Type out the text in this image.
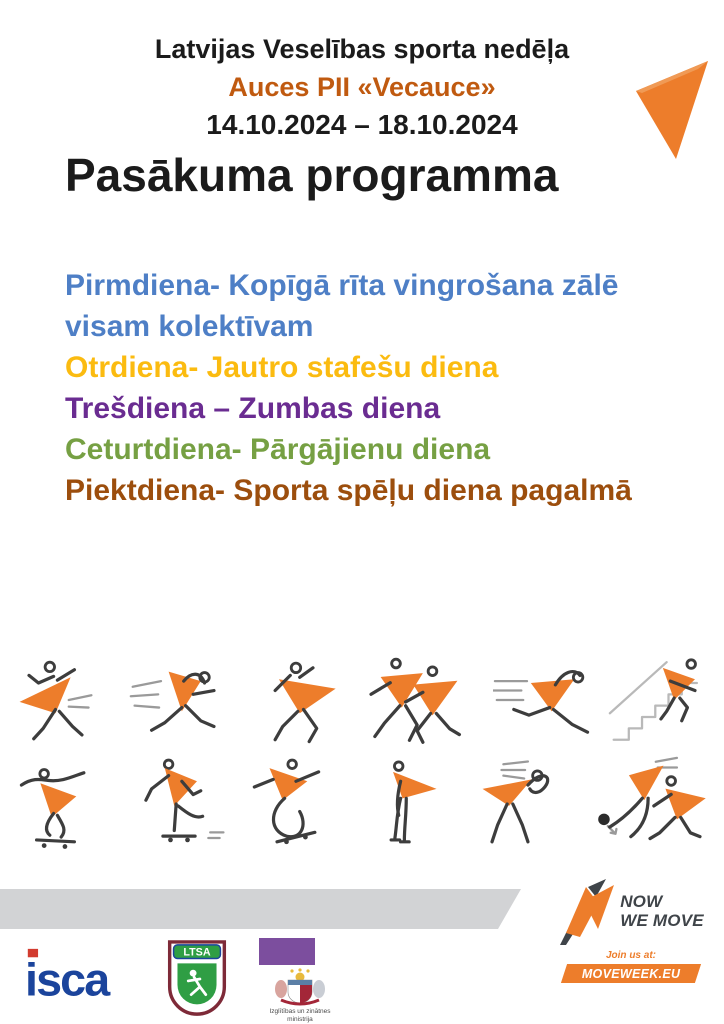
Latvijas Veselības sporta nedēļa

Auces PII «Vecauce»

14.10.2024 – 18.10.2024

Pasākuma programma

Pirmdiena- Kopīgā rīta vingrošana zālē visam kolektīvam

Otrdiena- Jautro stafešu diena

Trešdiena – Zumbas diena

Ceturtdiena- Pārgājienu diena

Piektdiena- Sporta spēļu diena pagalmā

NOW
WE MOVE
Join us at:
MOVEWEEK.EU
isca
LTSA
Izglītības un zinātnes
ministrija
